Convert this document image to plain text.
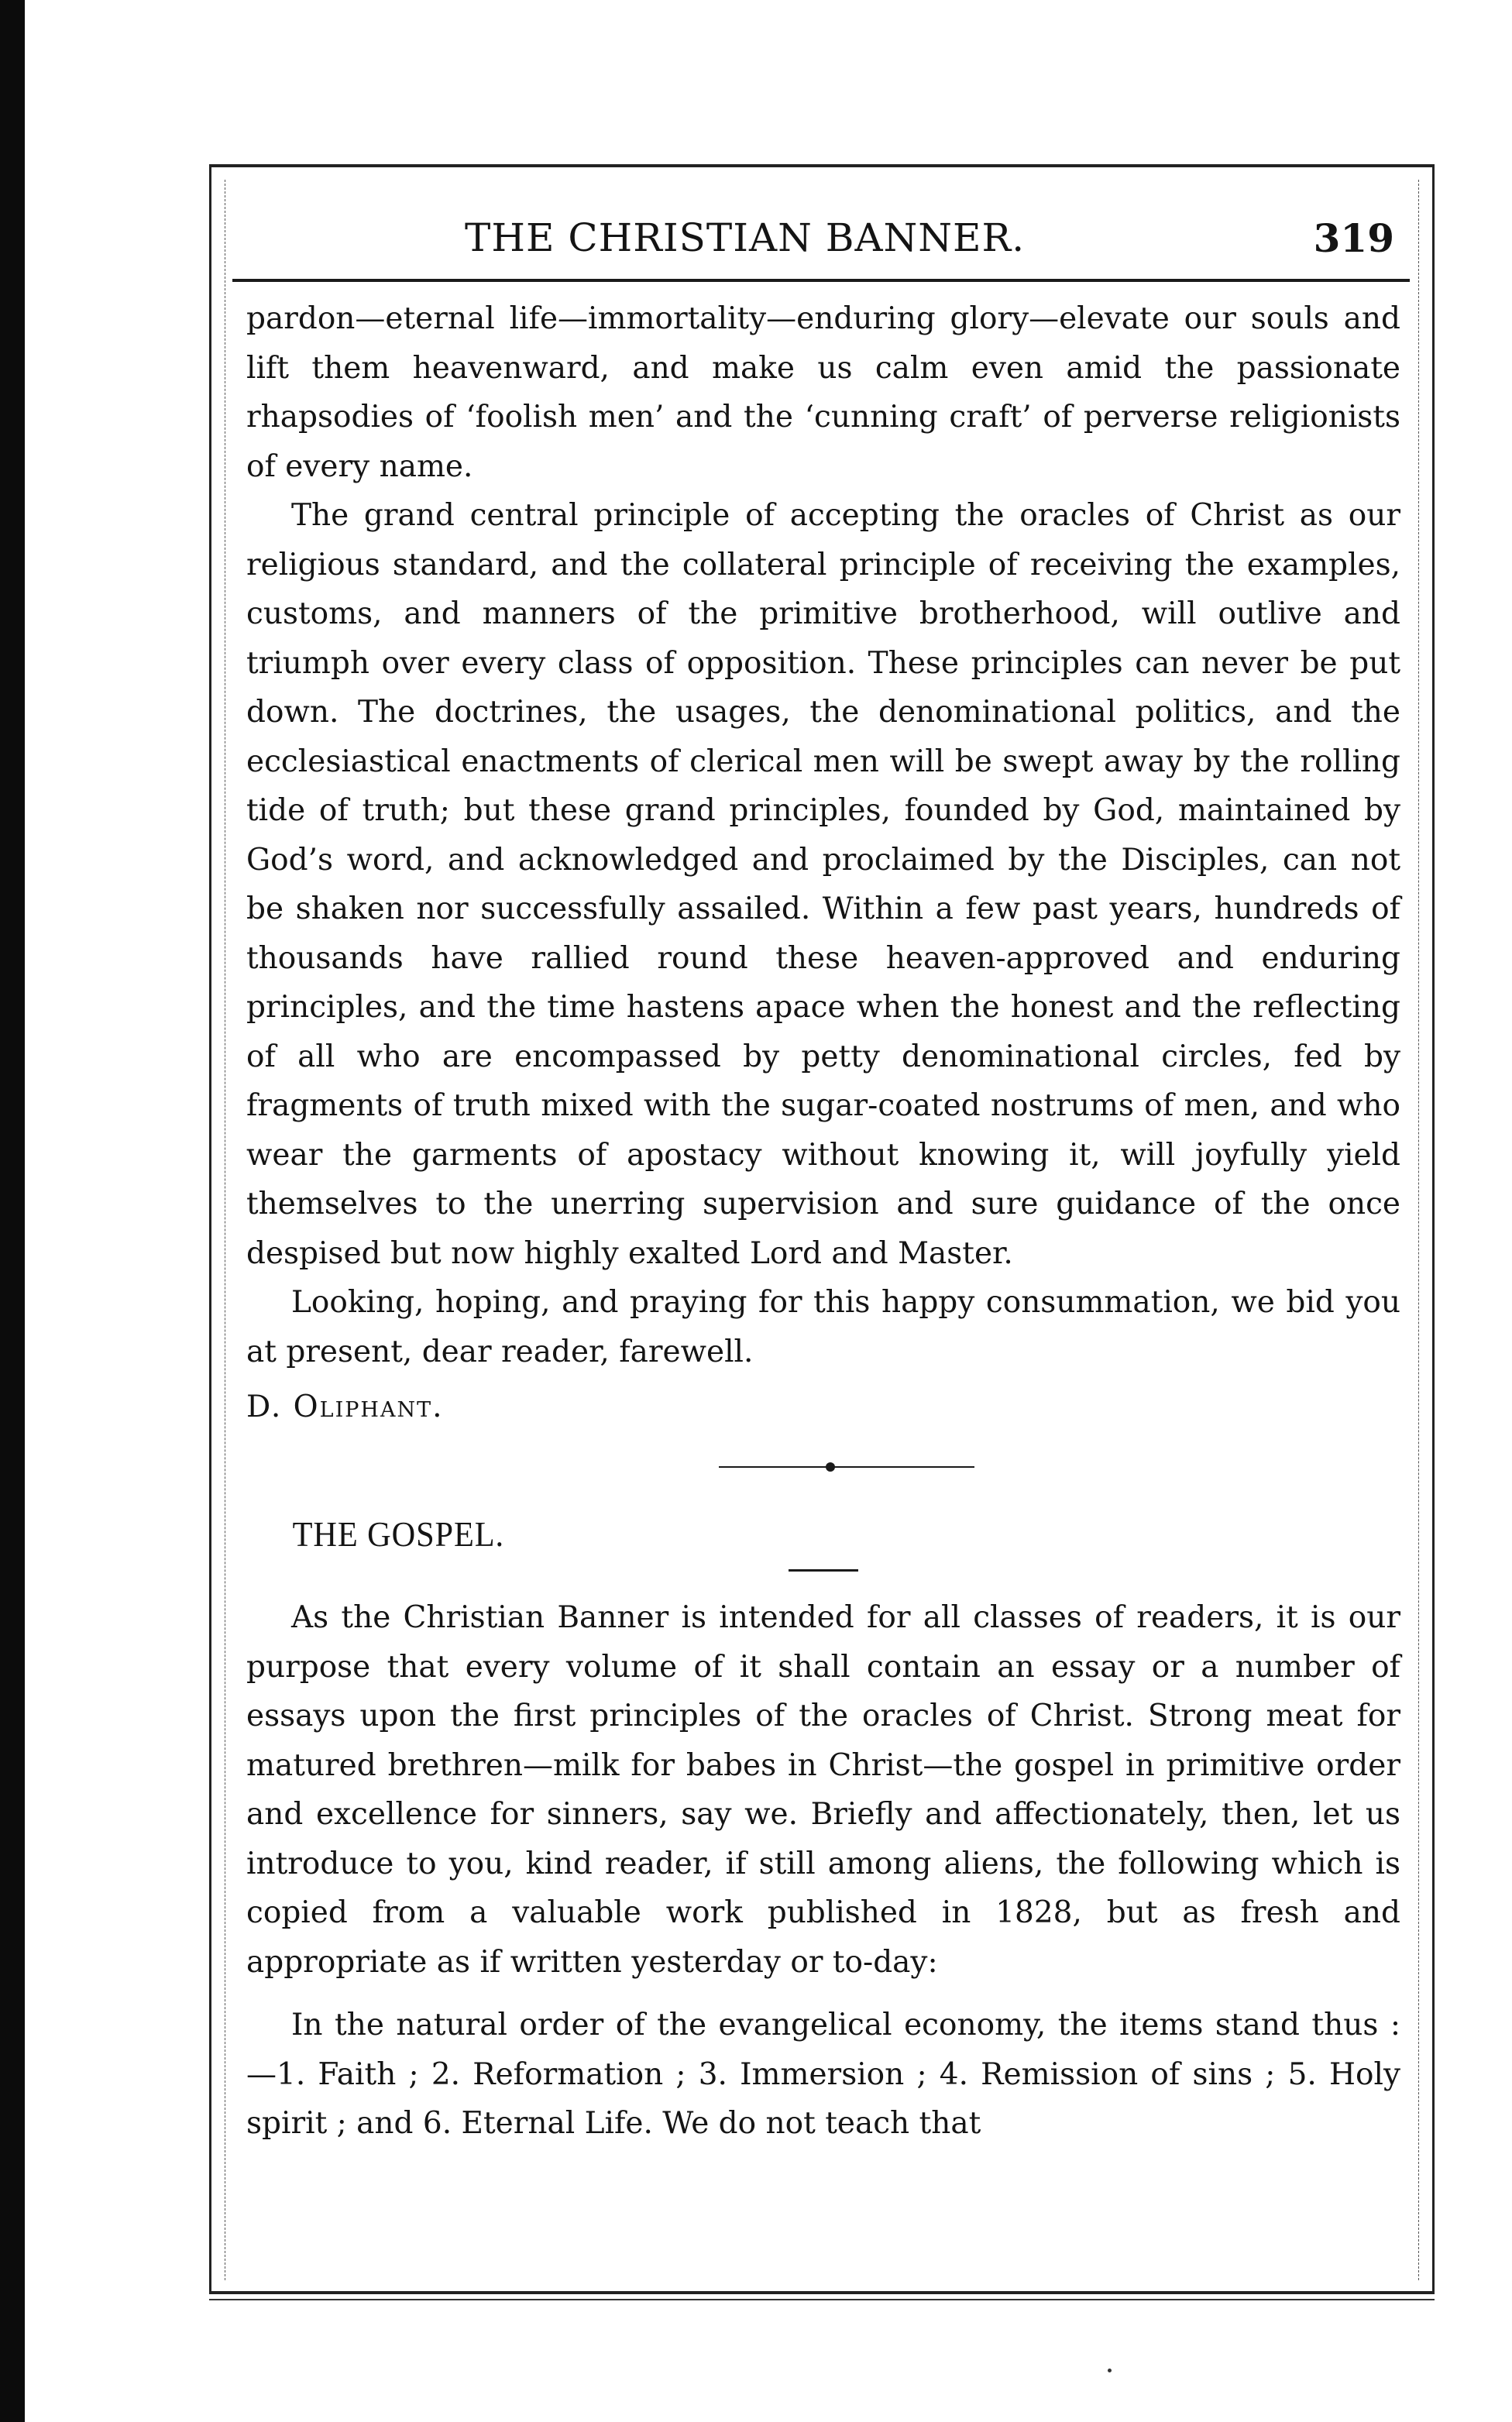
THE CHRISTIAN BANNER.	319

pardon—eternal life—immortality—enduring glory—elevate our souls and lift them heavenward, and make us calm even amid the passionate rhapsodies of ‘foolish men’ and the ‘cunning craft’ of perverse religionists of every name.

The grand central principle of accepting the oracles of Christ as our religious standard, and the collateral principle of receiving the examples, customs, and manners of the primitive brotherhood, will outlive and triumph over every class of opposition. These principles can never be put down. The doctrines, the usages, the denominational politics, and the ecclesiastical enactments of clerical men will be swept away by the rolling tide of truth; but these grand principles, founded by God, maintained by God’s word, and acknowledged and proclaimed by the Disciples, can not be shaken nor successfully assailed. Within a few past years, hundreds of thousands have rallied round these heaven-approved and enduring principles, and the time hastens apace when the honest and the reflecting of all who are encompassed by petty denominational circles, fed by fragments of truth mixed with the sugar-coated nostrums of men, and who wear the garments of apostacy without knowing it, will joyfully yield themselves to the unerring supervision and sure guidance of the once despised but now highly exalted Lord and Master.

Looking, hoping, and praying for this happy consummation, we bid you at present, dear reader, farewell.

D. Oliphant.

THE GOSPEL.

As the Christian Banner is intended for all classes of readers, it is our purpose that every volume of it shall contain an essay or a number of essays upon the first principles of the oracles of Christ. Strong meat for matured brethren—milk for babes in Christ—the gospel in primitive order and excellence for sinners, say we. Briefly and affectionately, then, let us introduce to you, kind reader, if still among aliens, the following which is copied from a valuable work published in 1828, but as fresh and appropriate as if written yesterday or to-day:

In the natural order of the evangelical economy, the items stand thus :—1. Faith ; 2. Reformation ; 3. Immersion ; 4. Remission of sins ; 5. Holy spirit ; and 6. Eternal Life. We do not teach that
